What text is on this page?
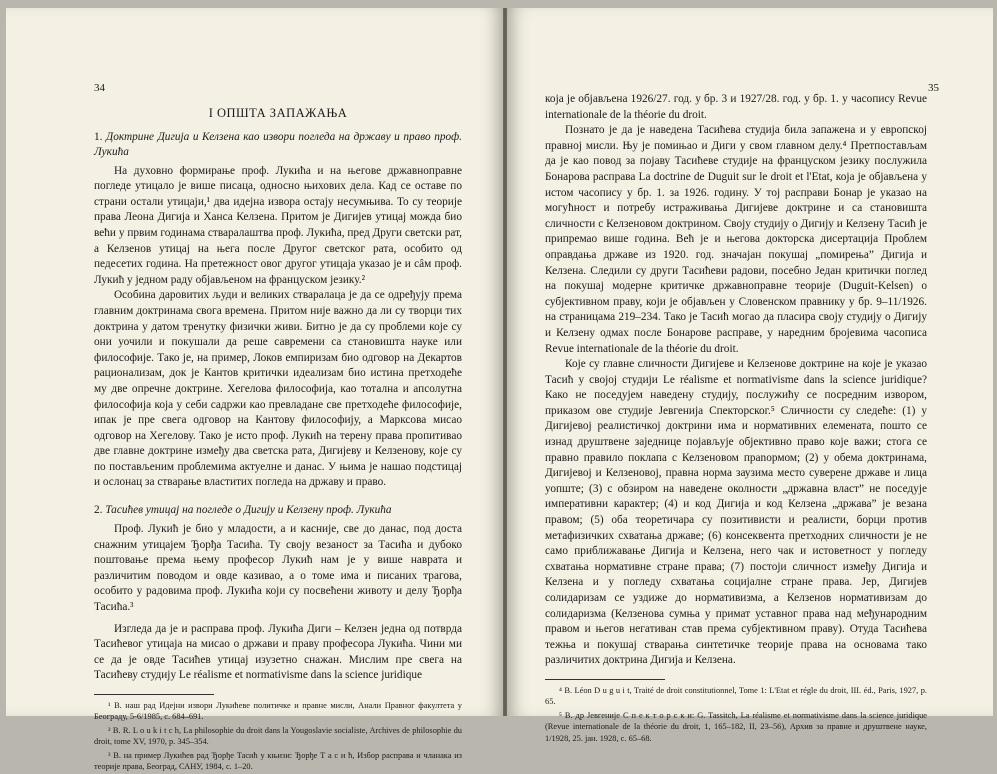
34
I ОПШТА ЗАПАЖАЊА
1. Доктрине Дигија и Келзена као извори погледа на државу и право проф. Лукића

На духовно формирање проф. Лукића и на његове државноправне погледе утицало је више писаца, односно њихових дела. Кад се оставе по страни остали утицаји,¹ два идејна извора остају несумњива. То су теорије права Леона Дигија и Ханса Келзена. Притом је Дигијев утицај можда био већи у првим годинама стваралаштва проф. Лукића, пред Други светски рат, а Келзенов утицај на њега после Другог светског рата, особито од педесетих година. На претежност овог другог утицаја указао је и сâм проф. Лукић у једном раду објављеном на француском језику.²

Особина даровитих људи и великих стваралаца је да се одређују према главним доктринама свога времена. Притом није важно да ли су творци тих доктрина у датом тренутку физички живи. Битно је да су проблеми које су они уочили и покушали да реше савремени са становишта науке или философије. Тако је, на пример, Локов емпиризам био одговор на Декартов рационализам, док је Кантов критички идеализам био истина претходеће му две опречне доктрине. Хегелова философија, као тотална и апсолутна философија која у себи садржи као превладане све претходеће философије, ипак је пре свега одговор на Кантову философију, а Марксова мисао одговор на Хегелову. Тако је исто проф. Лукић на терену права пропитивао две главне доктрине између два светска рата, Дигијеву и Келзенову, које су по постављеним проблемима актуелне и данас. У њима је нашао подстицај и ослонац за стварање властитих погледа на државу и право.

2. Тасићев утицај на погледе о Дигију и Келзену проф. Лукића

Проф. Лукић је био у младости, а и касније, све до данас, под доста снажним утицајем Ђорђа Тасића. Ту своју везаност за Тасића и дубоко поштовање према њему професор Лукић нам је у више наврата и различитим поводом и овде казивао, а о томе има и писаних трагова, особито у радовима проф. Лукића који су посвећени животу и делу Ђорђа Тасића.³

Изгледа да је и расправа проф. Лукића Диги – Келзен једна од потврда Тасићевог утицаја на мисао о држави и праву професора Лукића. Чини ми се да је овде Тасићев утицај изузетно снажан. Мислим пре свега на Тасићеву студију Le réalisme et normativisme dans la science juridique

¹ В. наш рад Идејни извори Лукићеве политичке и правне мисли, Анали Правног факултета у Београду, 5-6/1985, с. 684–691.
² В. R. L o u k i t c h, La philosophie du droit dans la Yougoslavie socialiste, Archives de philosophie du droit, tome XV, 1970, p. 345–354.
³ В. на пример Лукићев рад Ђорђе Тасић у књизи: Ђорђе Т а с и ћ, Избор расправа и чланака из теорије права, Београд, САНУ, 1984, с. 1–20.
35

која је објављена 1926/27. год. у бр. 3 и 1927/28. год. у бр. 1. у часопису Revue internationale de la théorie du droit.

Познато је да је наведена Тасићева студија била запажена и у европској правној мисли. Њу је помињао и Диги у свом главном делу.⁴ Претпостављам да је као повод за појаву Тасићеве студије на француском језику послужила Бонарова расправа La doctrine de Duguit sur le droit et l'Etat, која је објављена у истом часопису у бр. 1. за 1926. годину. У тој расправи Бонар је указао на могућност и потребу истраживања Дигијеве доктрине и са становишта сличности с Келзеновом доктрином. Своју студију о Дигију и Келзену Тасић је припремао више година. Већ је и његова докторска дисертација Проблем оправдања државе из 1920. год. значајан покушај „помирења” Дигија и Келзена. Следили су други Тасићеви радови, посебно Један критички поглед на покушај модерне критичке државноправне теорије (Duguit-Kelsen) о субјективном праву, који је објављен у Словенском правнику у бр. 9–11/1926. на страницама 219–234. Тако је Тасић могао да пласира своју студију о Дигију и Келзену одмах после Бонарове расправе, у наредним бројевима часописа Revue internationale de la théorie du droit.

Које су главне сличности Дигијеве и Келзенове доктрине на које је указао Тасић у својој студији Le réalisme et normativisme dans la science juridique? Како не поседујем наведену студију, послужићу се посредним извором, приказом ове студије Јевгенија Спекторског.⁵ Сличности су следеће: (1) у Дигијевој реалистичкој доктрини има и нормативних елемената, пошто се изнад друштвене заједнице појављује објективно право које важи; стога се правно правило поклапа с Келзеновом прanормом; (2) у обема доктринама, Дигијевој и Келзеновој, правна норма заузима место суверене државе и лица уопште; (3) с обзиром на наведене околности „државна власт” не поседује императивни карактер; (4) и код Дигија и код Келзена „држава” је везана правом; (5) оба теоретичара су позитивисти и реалисти, борци против метафизичких схватања државе; (6) консеквента претходних сличности је не само приближавање Дигија и Келзена, него чак и истоветност у погледу схватања нормативне стране права; (7) постоји сличност између Дигија и Келзена и у погледу схватања социјалне стране права. Јер, Дигијев солидаризам се уздиже до нормативизма, а Келзенов нормативизам до солидаризма (Келзенова сумња у примат уставног права над међународним правом и његов негативан став према субјективном праву). Отуда Тасићева тежња и покушај стварања синтетичке теорије права на основама тако различитих доктрина Дигија и Келзена.

⁴ В. Léon D u g u i t, Traité de droit constitutionnel, Tome 1: L'Etat et régle du droit, III. éd., Paris, 1927, p. 65.
⁵ В. др Јевгеније С п е к т о р с к и: G. Tassitch, La réalisme et normativisme dans la science juridique (Revue internationale de la théorie du droit, 1, 165–182, II, 23–56), Архив за правне и друштвене науке, 1/1928, 25. јан. 1928, с. 65–68.
